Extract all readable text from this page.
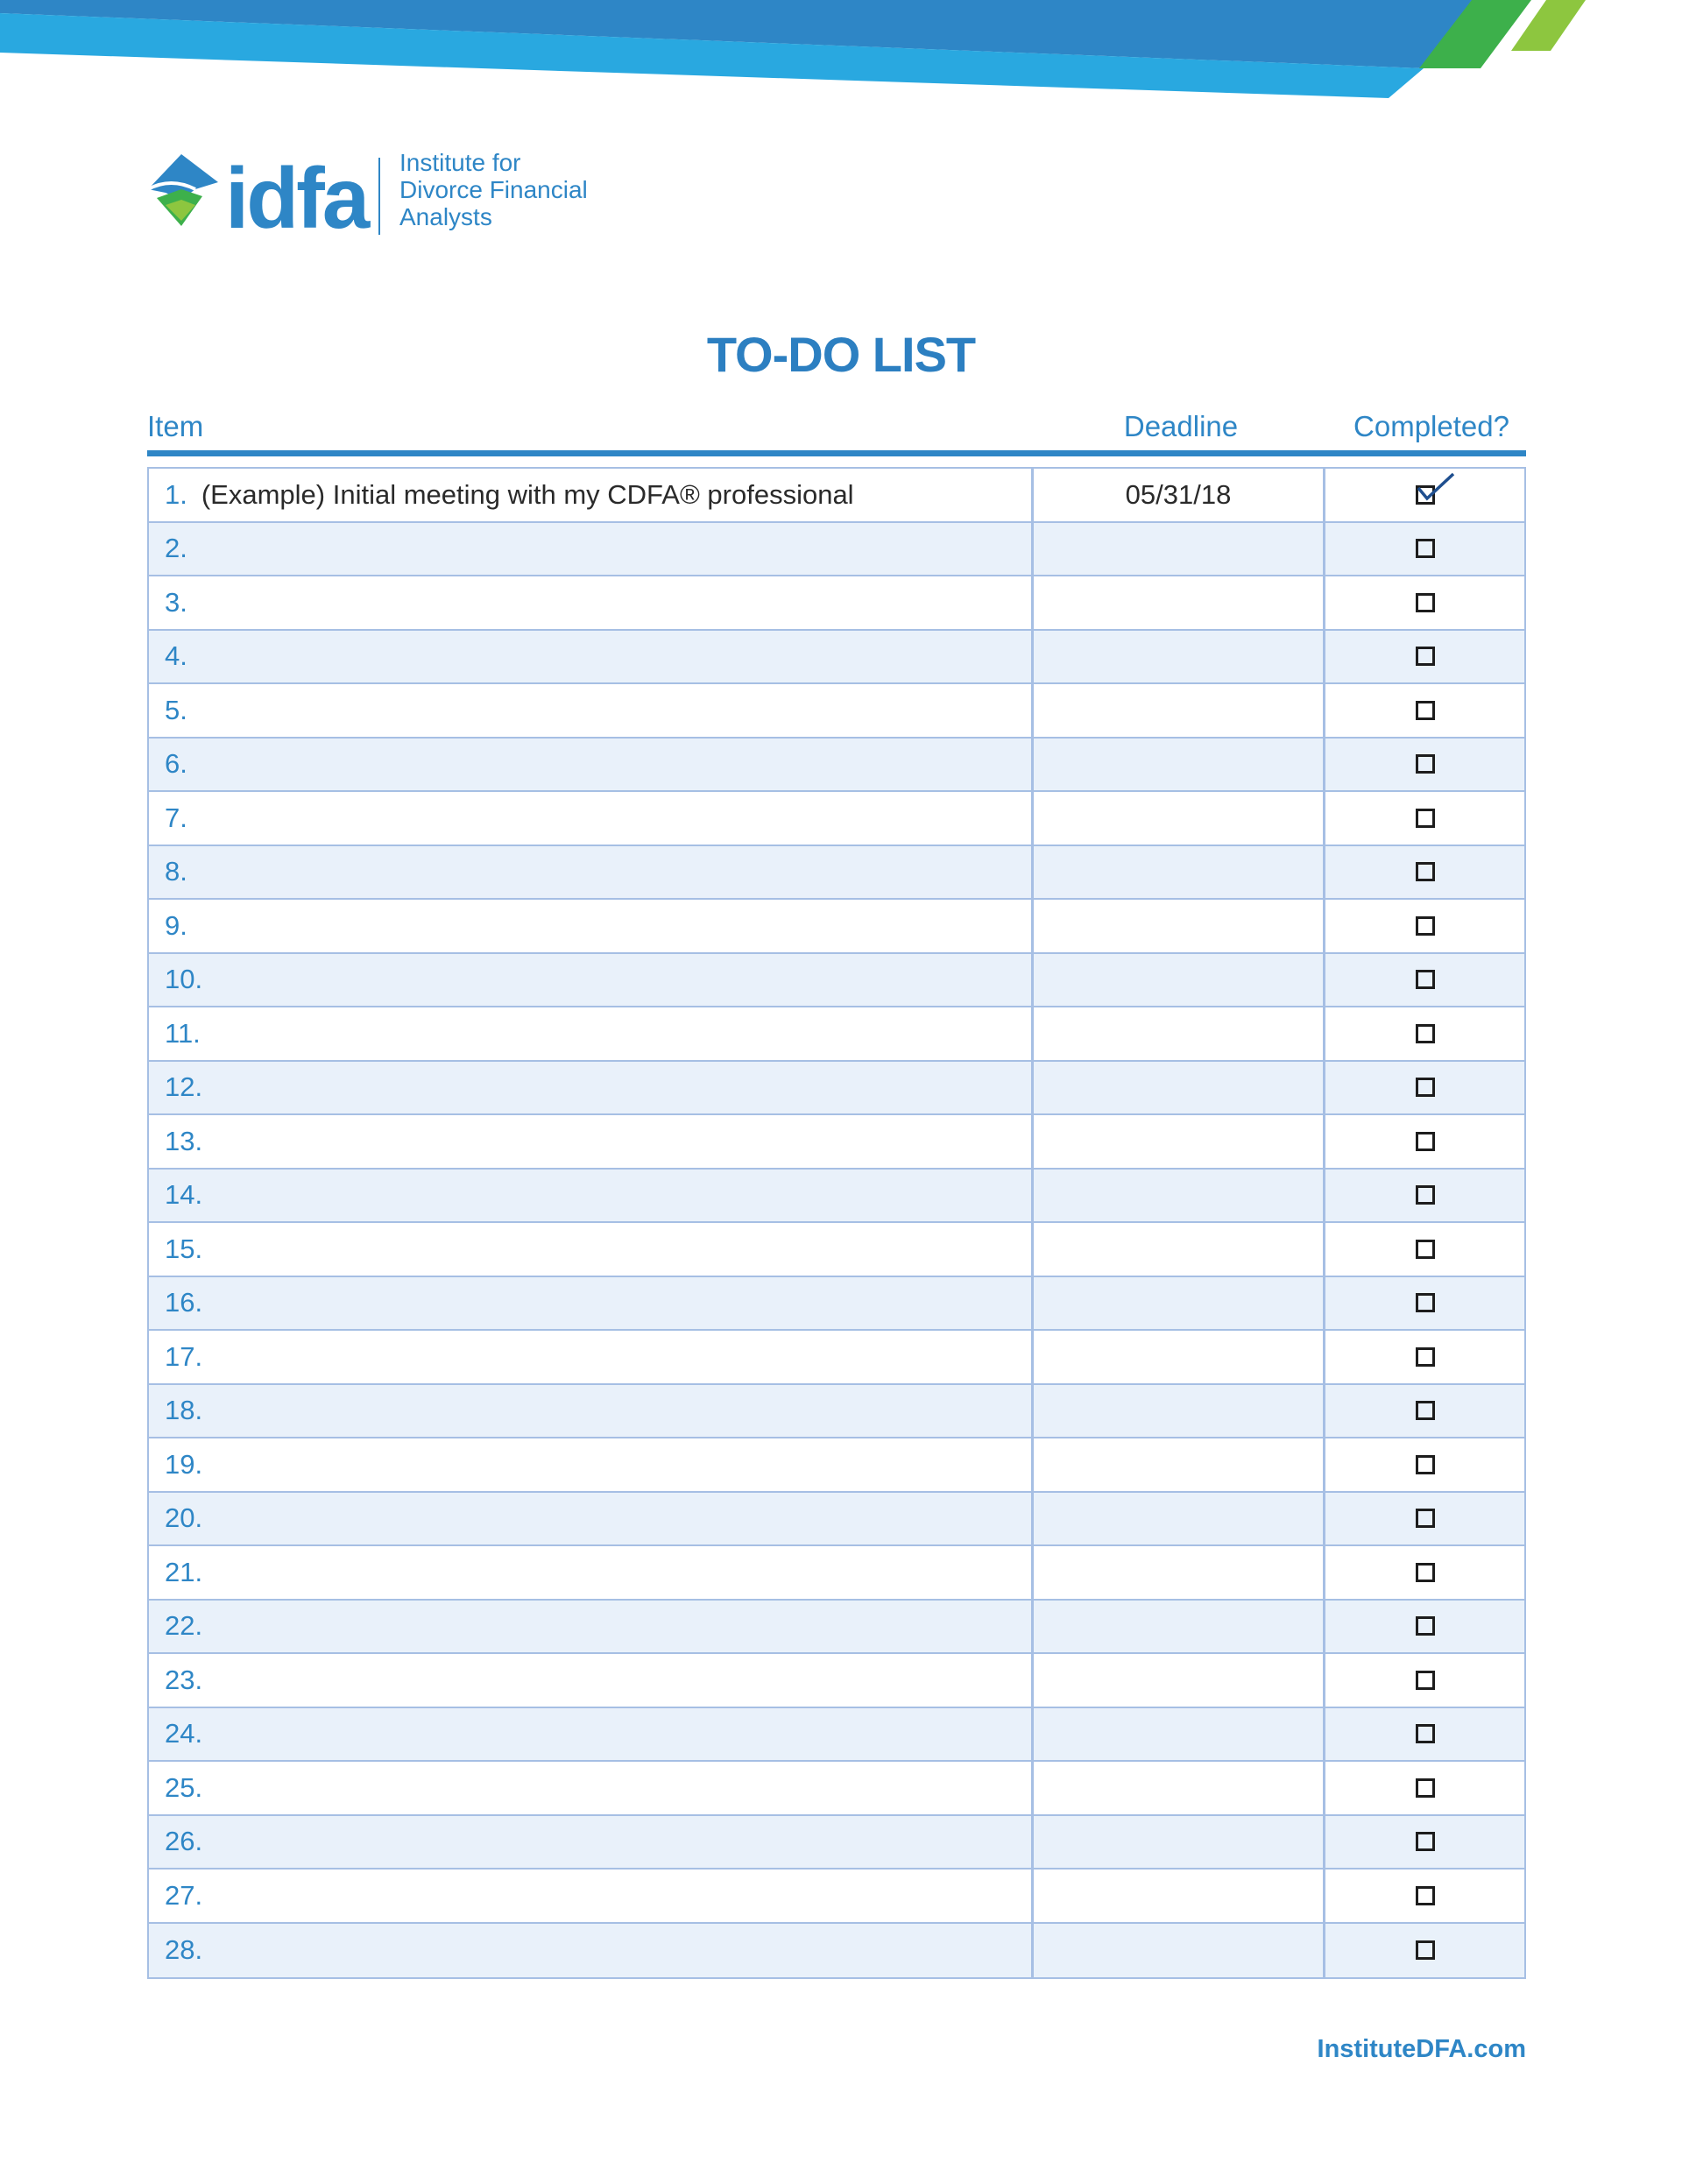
idfa Institute for
Divorce Financial
Analysts
TO-DO LIST
Item	Deadline	Completed?
1. (Example) Initial meeting with my CDFA® professional	05/31/18
2.
3.
4.
5.
6.
7.
8.
9.
10.
11.
12.
13.
14.
15.
16.
17.
18.
19.
20.
21.
22.
23.
24.
25.
26.
27.
28.
InstituteDFA.com
